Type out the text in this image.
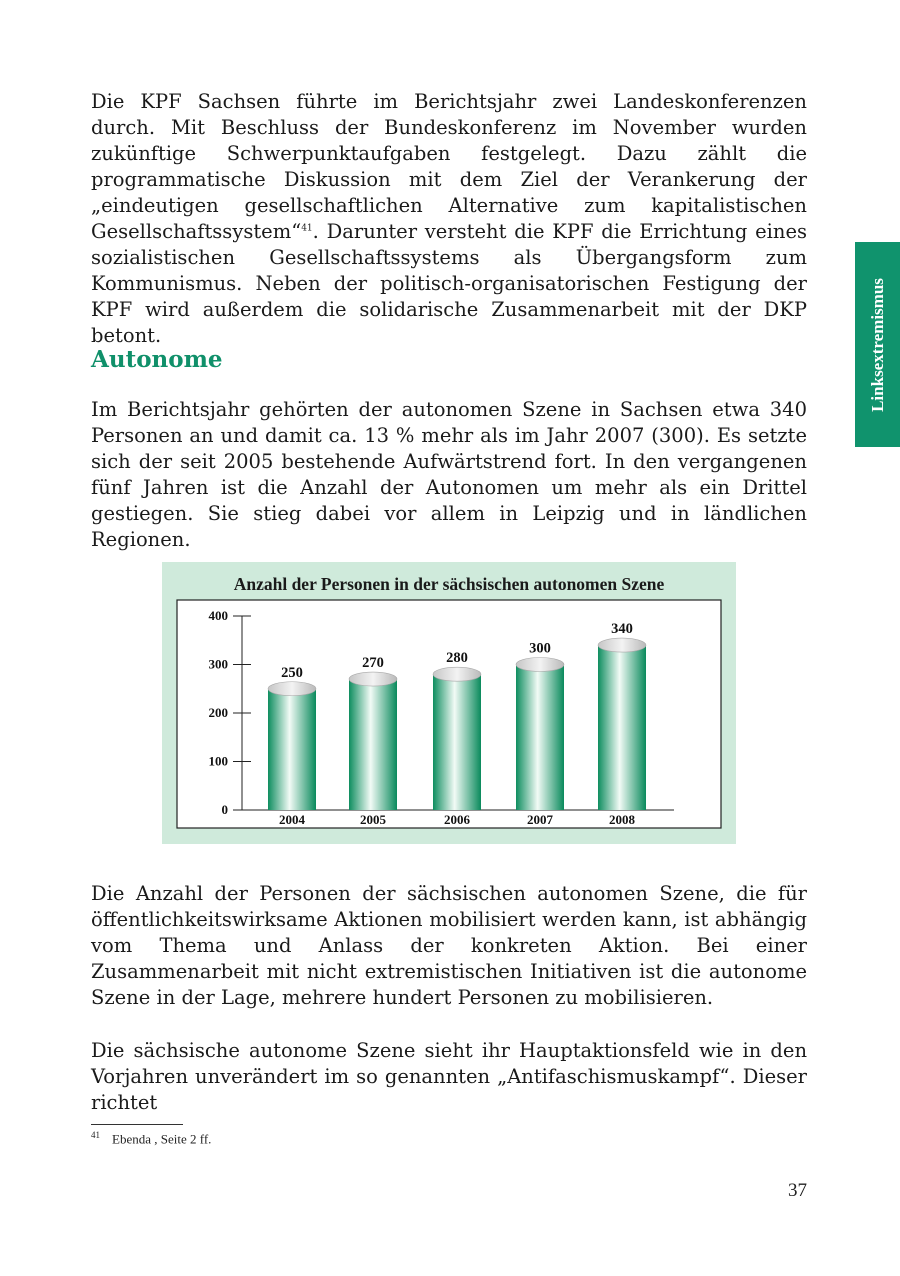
Die KPF Sachsen führte im Berichtsjahr zwei Landeskonferenzen durch. Mit Beschluss der Bundeskonferenz im November wurden zukünftige Schwerpunktaufgaben festgelegt. Dazu zählt die programmatische Diskussion mit dem Ziel der Verankerung der „eindeutigen gesellschaftlichen Alternative zum kapitalistischen Gesellschaftssystem“$^{41}$. Darunter versteht die KPF die Errichtung eines sozialistischen Gesellschaftssystems als Übergangsform zum Kommunismus. Neben der politisch-organisatorischen Festigung der KPF wird außerdem die solidarische Zusammenarbeit mit der DKP betont.

Autonome

Im Berichtsjahr gehörten der autonomen Szene in Sachsen etwa 340 Personen an und damit ca. 13 % mehr als im Jahr 2007 (300). Es setzte sich der seit 2005 bestehende Aufwärtstrend fort. In den vergangenen fünf Jahren ist die Anzahl der Autonomen um mehr als ein Drittel gestiegen. Sie stieg dabei vor allem in Leipzig und in ländlichen Regionen.

Linksextremismus
0
100
200
300
400
250
2004
270
2005
280
2006
300
2007
340
2008

Anzahl der Personen in der sächsischen autonomen Szene

Die Anzahl der Personen der sächsischen autonomen Szene, die für öffentlichkeitswirksame Aktionen mobilisiert werden kann, ist abhängig vom Thema und Anlass der konkreten Aktion. Bei einer Zusammenarbeit mit nicht extremistischen Initiativen ist die autonome Szene in der Lage, mehrere hundert Personen zu mobilisieren.

Die sächsische autonome Szene sieht ihr Hauptaktionsfeld wie in den Vorjahren unverändert im so genannten „Antifaschismuskampf“. Dieser richtet

$^{41}$ Ebenda , Seite 2 ff.

37
